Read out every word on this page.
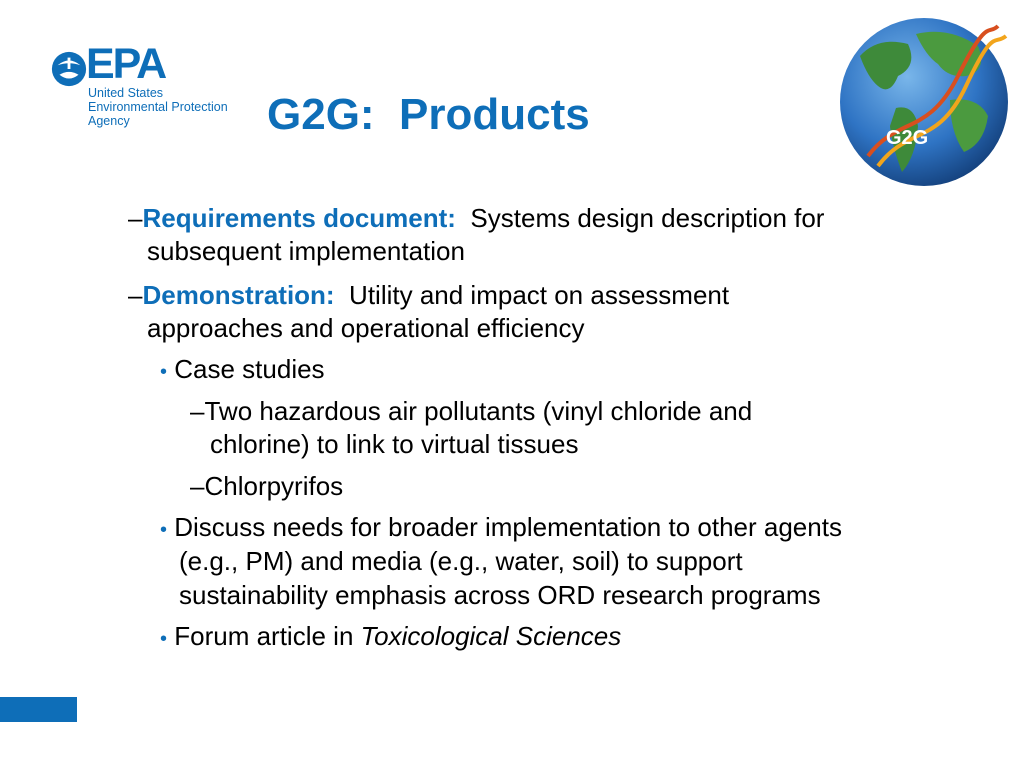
EPA
United States
Environmental Protection
Agency	G2G:  Products	G2G
–Requirements document:  Systems design description for
subsequent implementation
–Demonstration:  Utility and impact on assessment
approaches and operational efficiency
• Case studies
–Two hazardous air pollutants (vinyl chloride and
chlorine) to link to virtual tissues
–Chlorpyrifos
• Discuss needs for broader implementation to other agents
(e.g., PM) and media (e.g., water, soil) to support
sustainability emphasis across ORD research programs
• Forum article in Toxicological Sciences
